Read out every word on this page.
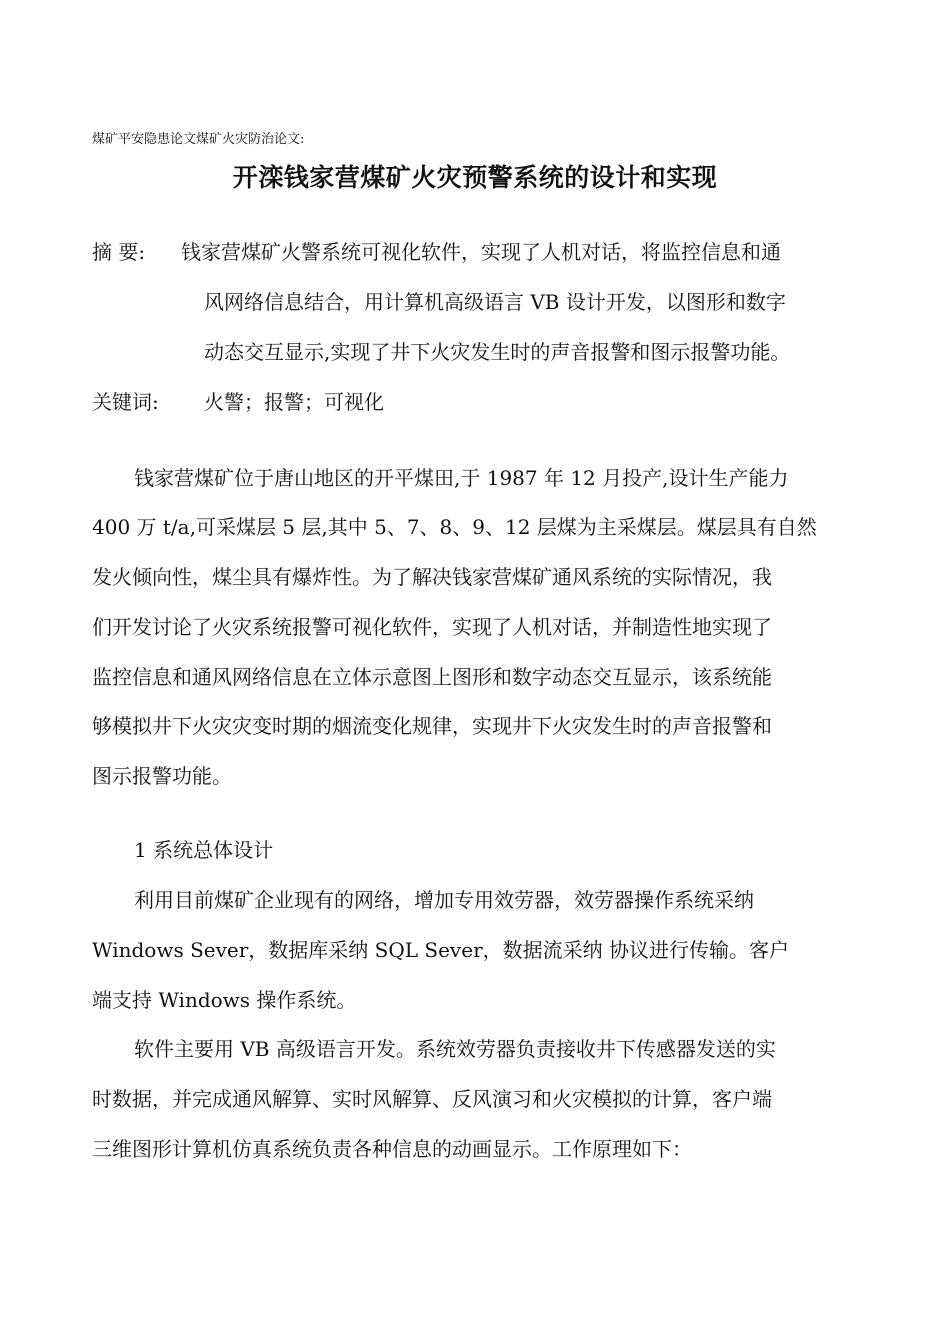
煤矿平安隐患论文煤矿火灾防治论文:
开滦钱家营煤矿火灾预警系统的设计和实现
摘 要: 钱家营煤矿火警系统可视化软件，实现了人机对话，将监控信息和通
风网络信息结合，用计算机高级语言 VB 设计开发，以图形和数字
动态交互显示,实现了井下火灾发生时的声音报警和图示报警功能。
关键词: 火警；报警；可视化
钱家营煤矿位于唐山地区的开平煤田,于 1987 年 12 月投产,设计生产能力
400 万 t/a,可采煤层 5 层,其中 5、7、8、9、12 层煤为主采煤层。煤层具有自然
发火倾向性，煤尘具有爆炸性。为了解决钱家营煤矿通风系统的实际情况，我
们开发讨论了火灾系统报警可视化软件，实现了人机对话，并制造性地实现了
监控信息和通风网络信息在立体示意图上图形和数字动态交互显示，该系统能
够模拟井下火灾灾变时期的烟流变化规律，实现井下火灾发生时的声音报警和
图示报警功能。
1 系统总体设计
利用目前煤矿企业现有的网络，增加专用效劳器，效劳器操作系统采纳
Windows Sever，数据库采纳 SQL Sever，数据流采纳 协议进行传输。客户
端支持 Windows 操作系统。
软件主要用 VB 高级语言开发。系统效劳器负责接收井下传感器发送的实
时数据，并完成通风解算、实时风解算、反风演习和火灾模拟的计算，客户端
三维图形计算机仿真系统负责各种信息的动画显示。工作原理如下：
